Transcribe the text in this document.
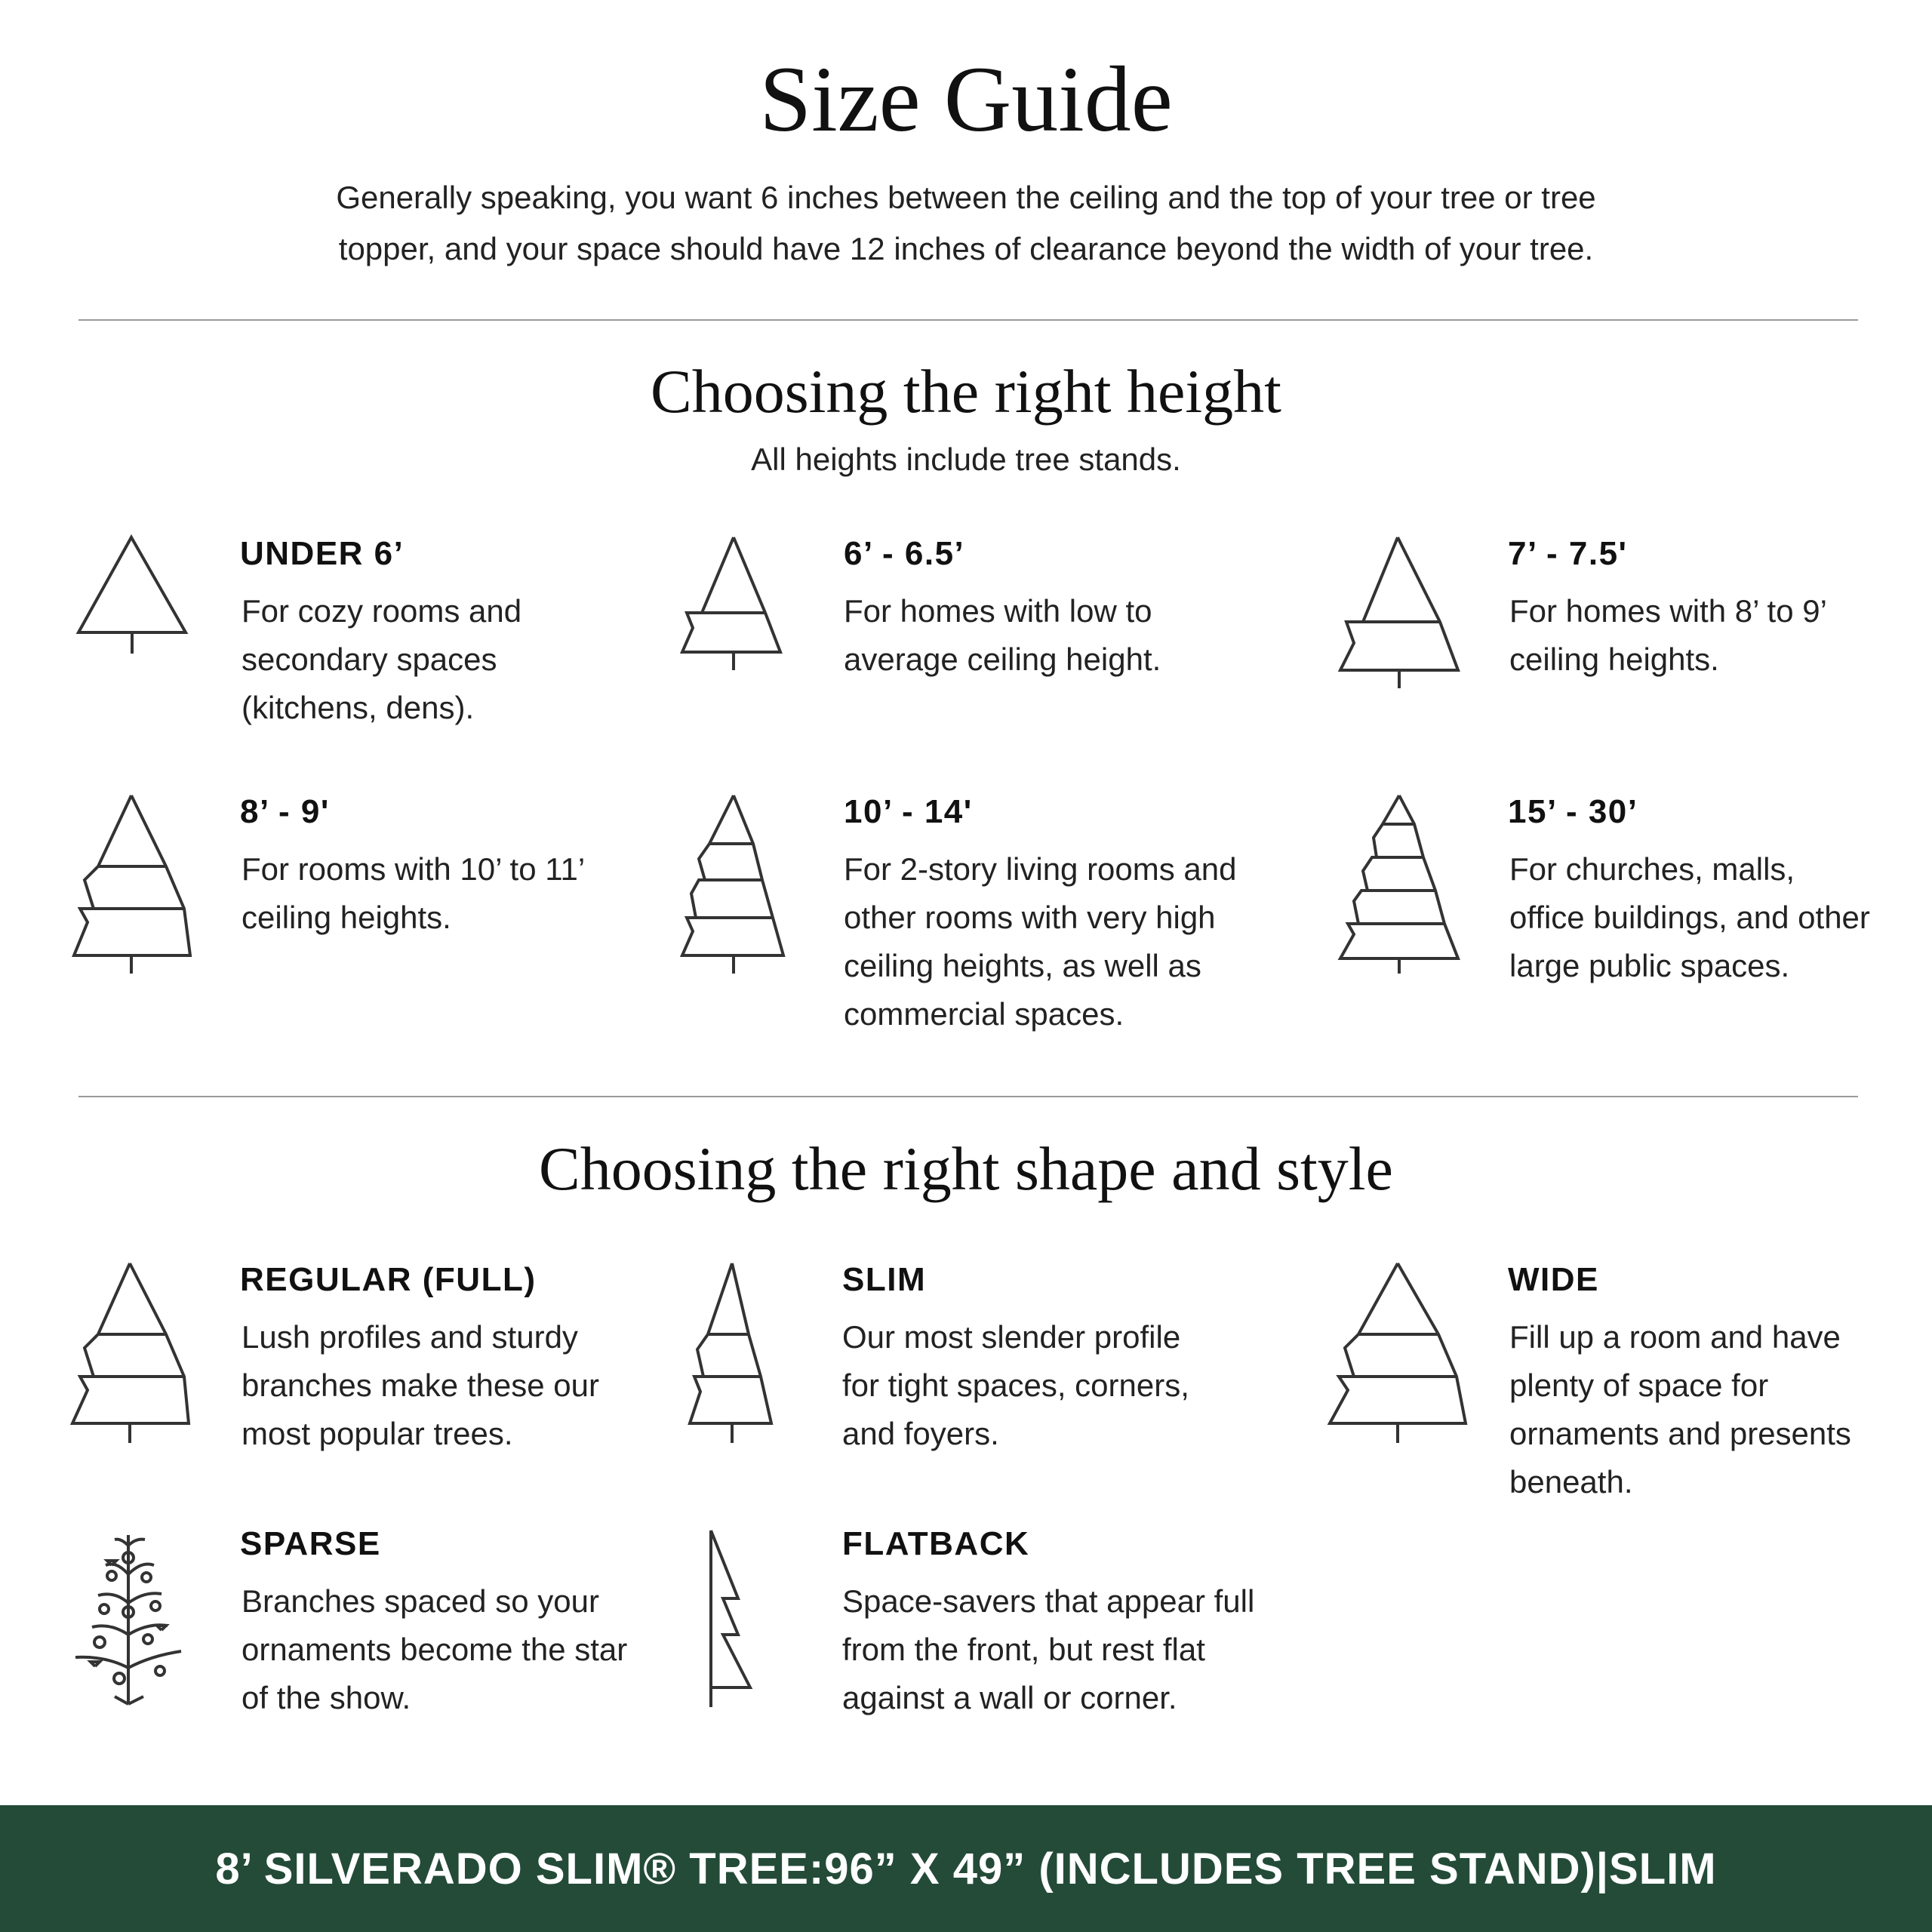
Size Guide
Generally speaking, you want 6 inches between the ceiling and the top of your tree or tree
topper, and your space should have 12 inches of clearance beyond the width of your tree.
Choosing the right height
All heights include tree stands.
UNDER 6’
For cozy rooms and secondary spaces (kitchens, dens).
6’ - 6.5’
For homes with low to average ceiling height.
7’ - 7.5'
For homes with 8’ to 9’ ceiling heights.
8’ - 9'
For rooms with 10’ to 11’ ceiling heights.
10’ - 14'
For 2-story living rooms and other rooms with very high ceiling heights, as well as commercial spaces.
15’ - 30’
For churches, malls, office buildings, and other large public spaces.
Choosing the right shape and style
REGULAR (FULL)
Lush profiles and sturdy branches make these our most popular trees.
SLIM
Our most slender profile for tight spaces, corners, and foyers.
WIDE
Fill up a room and have plenty of space for ornaments and presents beneath.
SPARSE
Branches spaced so your ornaments become the star of the show.
FLATBACK
Space-savers that appear full from the front, but rest flat against a wall or corner.
8’ SILVERADO SLIM® TREE: 96” X 49” (INCLUDES TREE STAND) | SLIM
